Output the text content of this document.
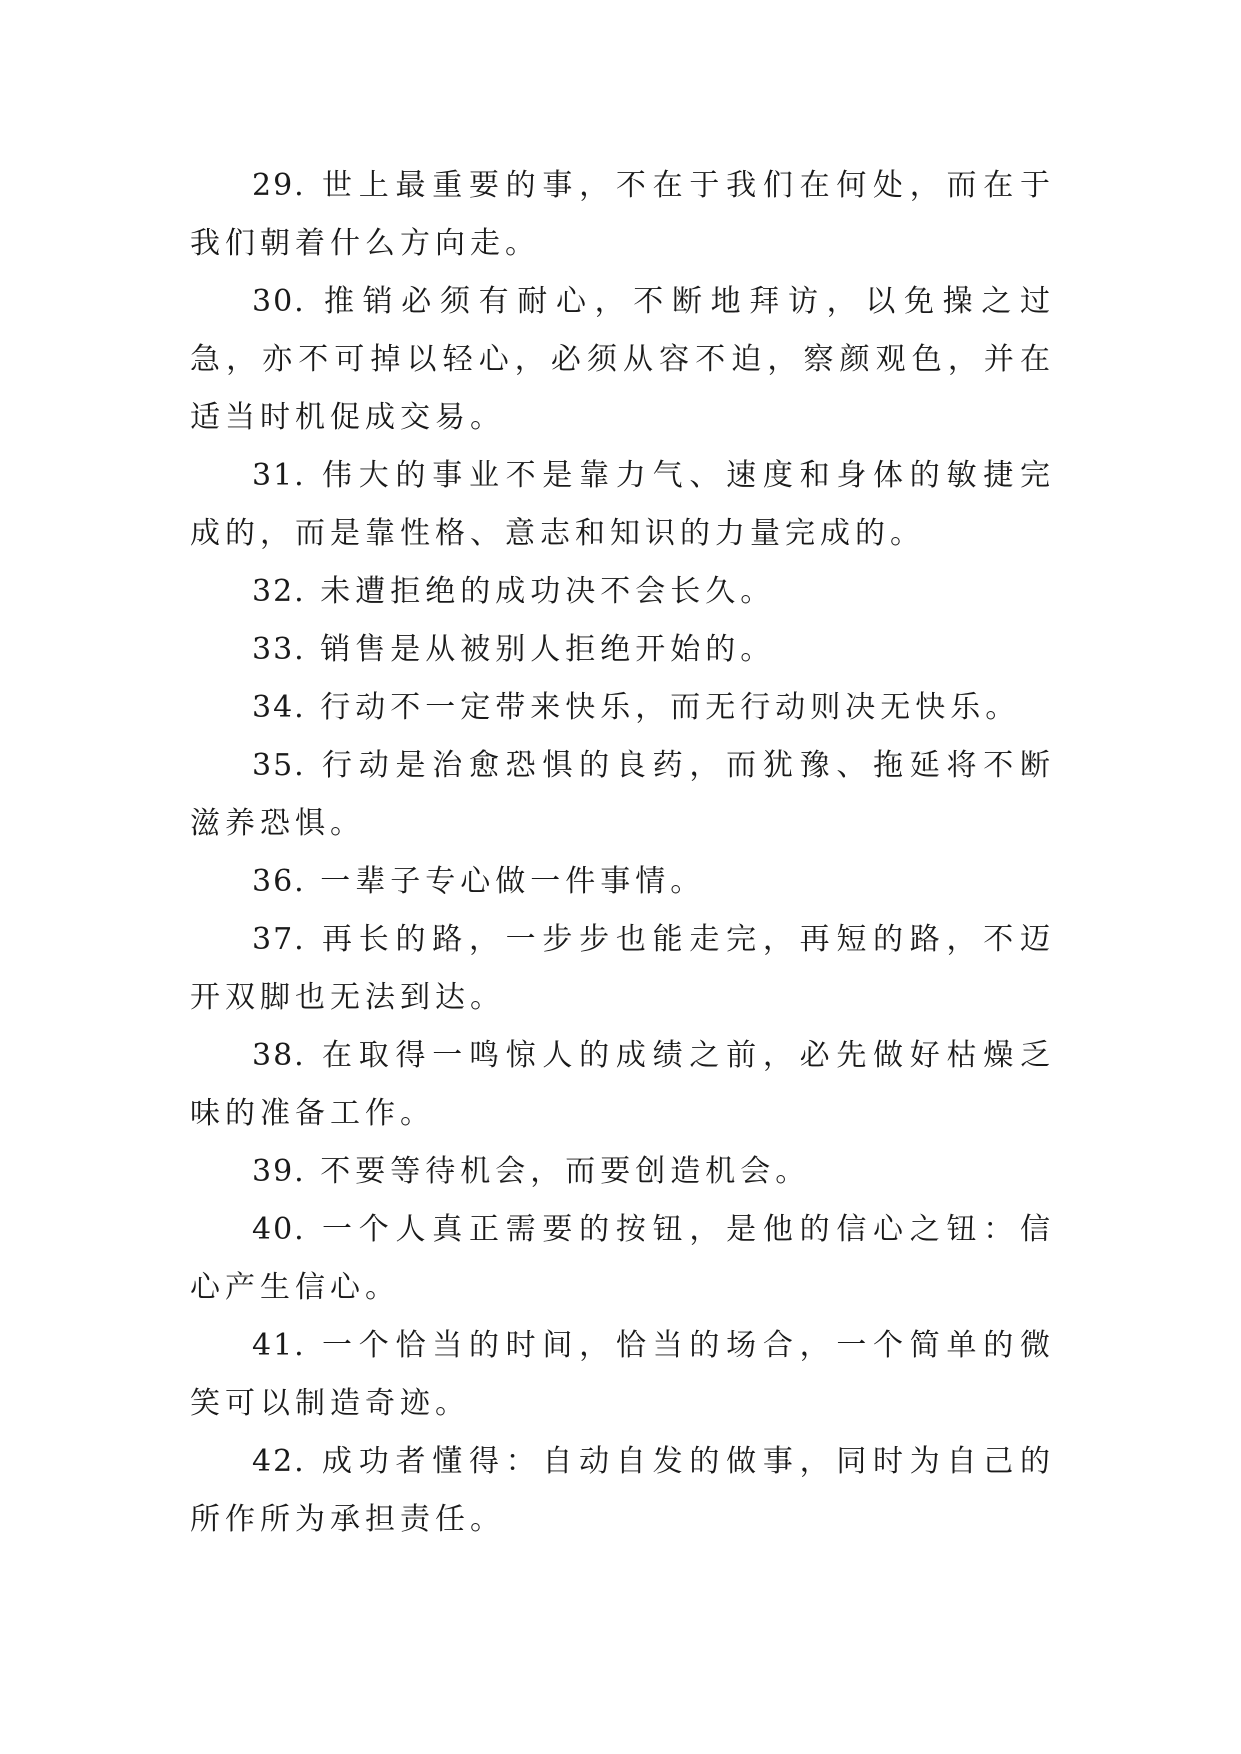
29. 世上最重要的事，不在于我们在何处，而在于我们朝着什么方向走。

30. 推销必须有耐心，不断地拜访，以免操之过急，亦不可掉以轻心，必须从容不迫，察颜观色，并在适当时机促成交易。

31. 伟大的事业不是靠力气、速度和身体的敏捷完成的，而是靠性格、意志和知识的力量完成的。

32. 未遭拒绝的成功决不会长久。

33. 销售是从被别人拒绝开始的。

34. 行动不一定带来快乐，而无行动则决无快乐。

35. 行动是治愈恐惧的良药，而犹豫、拖延将不断滋养恐惧。

36. 一辈子专心做一件事情。

37. 再长的路，一步步也能走完，再短的路，不迈开双脚也无法到达。

38. 在取得一鸣惊人的成绩之前，必先做好枯燥乏味的准备工作。

39. 不要等待机会，而要创造机会。

40. 一个人真正需要的按钮，是他的信心之钮：信心产生信心。

41. 一个恰当的时间，恰当的场合，一个简单的微笑可以制造奇迹。

42. 成功者懂得：自动自发的做事，同时为自己的所作所为承担责任。
